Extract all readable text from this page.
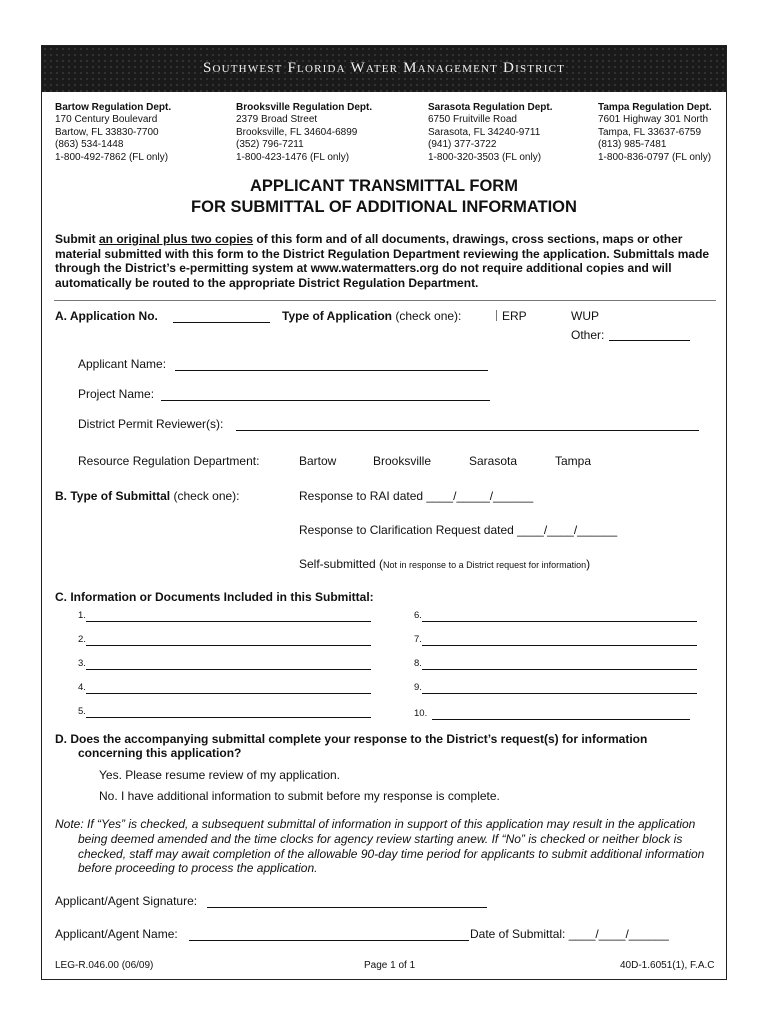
Southwest Florida Water Management District
Bartow Regulation Dept.
170 Century Boulevard
Bartow, FL 33830-7700
(863) 534-1448
1-800-492-7862 (FL only)
Brooksville Regulation Dept.
2379 Broad Street
Brooksville, FL 34604-6899
(352) 796-7211
1-800-423-1476 (FL only)
Sarasota Regulation Dept.
6750 Fruitville Road
Sarasota, FL 34240-9711
(941) 377-3722
1-800-320-3503 (FL only)
Tampa Regulation Dept.
7601 Highway 301 North
Tampa, FL 33637-6759
(813) 985-7481
1-800-836-0797 (FL only)
APPLICANT TRANSMITTAL FORM
FOR SUBMITTAL OF ADDITIONAL INFORMATION
Submit an original plus two copies of this form and of all documents, drawings, cross sections, maps or other material submitted with this form to the District Regulation Department reviewing the application. Submittals made through the District’s e-permitting system at www.watermatters.org do not require additional copies and will automatically be routed to the appropriate District Regulation Department.
A. Application No.	Type of Application (check one):	ERP	WUP
Other:
Applicant Name:
Project Name:
District Permit Reviewer(s):
Resource Regulation Department:	Bartow	Brooksville	Sarasota	Tampa
B. Type of Submittal (check one):	Response to RAI dated ____/_____/______
Response to Clarification Request dated ____/____/______
Self-submitted (Not in response to a District request for information)
C. Information or Documents Included in this Submittal:
1.
2.
3.
4.
5.
6.
7.
8.
9.
10.
D. Does the accompanying submittal complete your response to the District’s request(s) for information
concerning this application?
Yes. Please resume review of my application.
No. I have additional information to submit before my response is complete.
Note: If “Yes” is checked, a subsequent submittal of information in support of this application may result in the application being deemed amended and the time clocks for agency review starting anew. If “No” is checked or neither block is checked, staff may await completion of the allowable 90-day time period for applicants to submit additional information before proceeding to process the application.
Applicant/Agent Signature:
Applicant/Agent Name:	Date of Submittal: ____/____/______
LEG-R.046.00 (06/09)	Page 1 of 1	40D-1.6051(1), F.A.C
